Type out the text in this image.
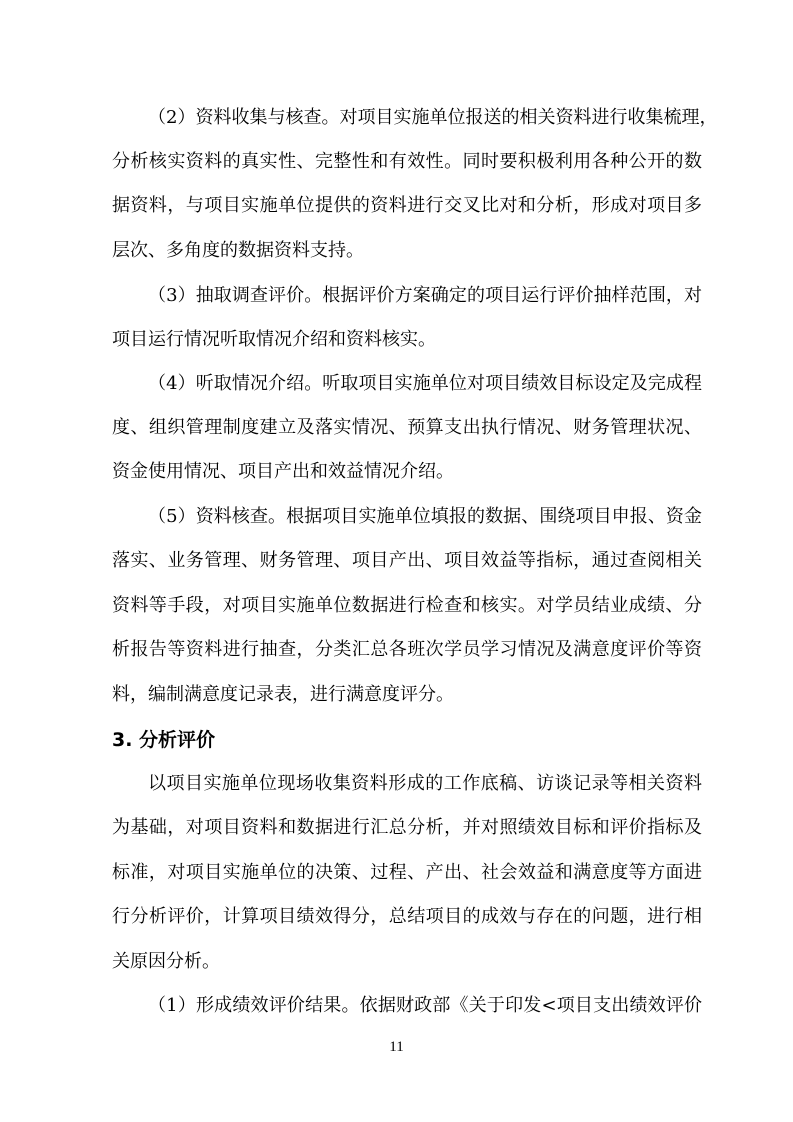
（2）资料收集与核查。对项目实施单位报送的相关资料进行收集梳理，
分析核实资料的真实性、完整性和有效性。同时要积极利用各种公开的数
据资料，与项目实施单位提供的资料进行交叉比对和分析，形成对项目多
层次、多角度的数据资料支持。
（3）抽取调查评价。根据评价方案确定的项目运行评价抽样范围，对
项目运行情况听取情况介绍和资料核实。
（4）听取情况介绍。听取项目实施单位对项目绩效目标设定及完成程
度、组织管理制度建立及落实情况、预算支出执行情况、财务管理状况、
资金使用情况、项目产出和效益情况介绍。
（5）资料核查。根据项目实施单位填报的数据、围绕项目申报、资金
落实、业务管理、财务管理、项目产出、项目效益等指标，通过查阅相关
资料等手段，对项目实施单位数据进行检查和核实。对学员结业成绩、分
析报告等资料进行抽查，分类汇总各班次学员学习情况及满意度评价等资
料，编制满意度记录表，进行满意度评分。
3. 分析评价
以项目实施单位现场收集资料形成的工作底稿、访谈记录等相关资料
为基础，对项目资料和数据进行汇总分析，并对照绩效目标和评价指标及
标准，对项目实施单位的决策、过程、产出、社会效益和满意度等方面进
行分析评价，计算项目绩效得分，总结项目的成效与存在的问题，进行相
关原因分析。
（1）形成绩效评价结果。依据财政部《关于印发<项目支出绩效评价
11
